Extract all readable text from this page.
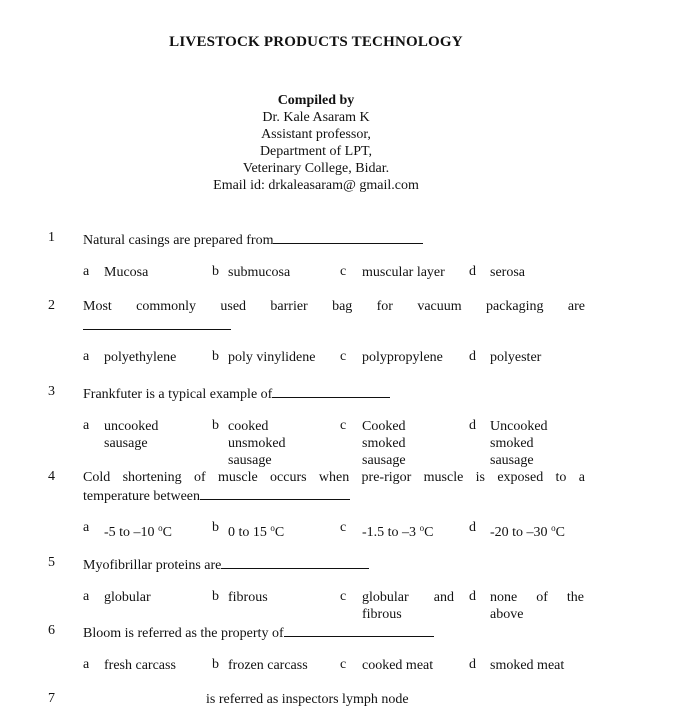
LIVESTOCK PRODUCTS TECHNOLOGY
Compiled by
Dr. Kale Asaram K
Assistant professor,
Department of LPT,
Veterinary College, Bidar.
Email id: drkaleasaram@ gmail.com
1 Natural casings are prepared from
a Mucosa	b submucosa	c muscular layer d serosa
2 Most commonly used barrier bag for vacuum packaging are
a polyethylene	b poly vinylidene c polypropylene d polyester
3 Frankfuter is a typical example of
a uncooked sausage
b cooked unsmoked sausage
c Cooked smoked sausage
d Uncooked smoked sausage
4 Cold shortening of muscle occurs when pre-rigor muscle is exposed to a
temperature between
a -5 to –10 $^o$C	b 0 to 15 $^o$C	c -1.5 to –3 $^o$C	d -20 to –30 $^o$C
5 Myofibrillar proteins are
a globular	b fibrous	c globular and fibrous
d none of the above
6 Bloom is referred as the property of
a fresh carcass	b frozen carcass c cooked meat	d smoked meat
7	is referred as inspectors lymph node
